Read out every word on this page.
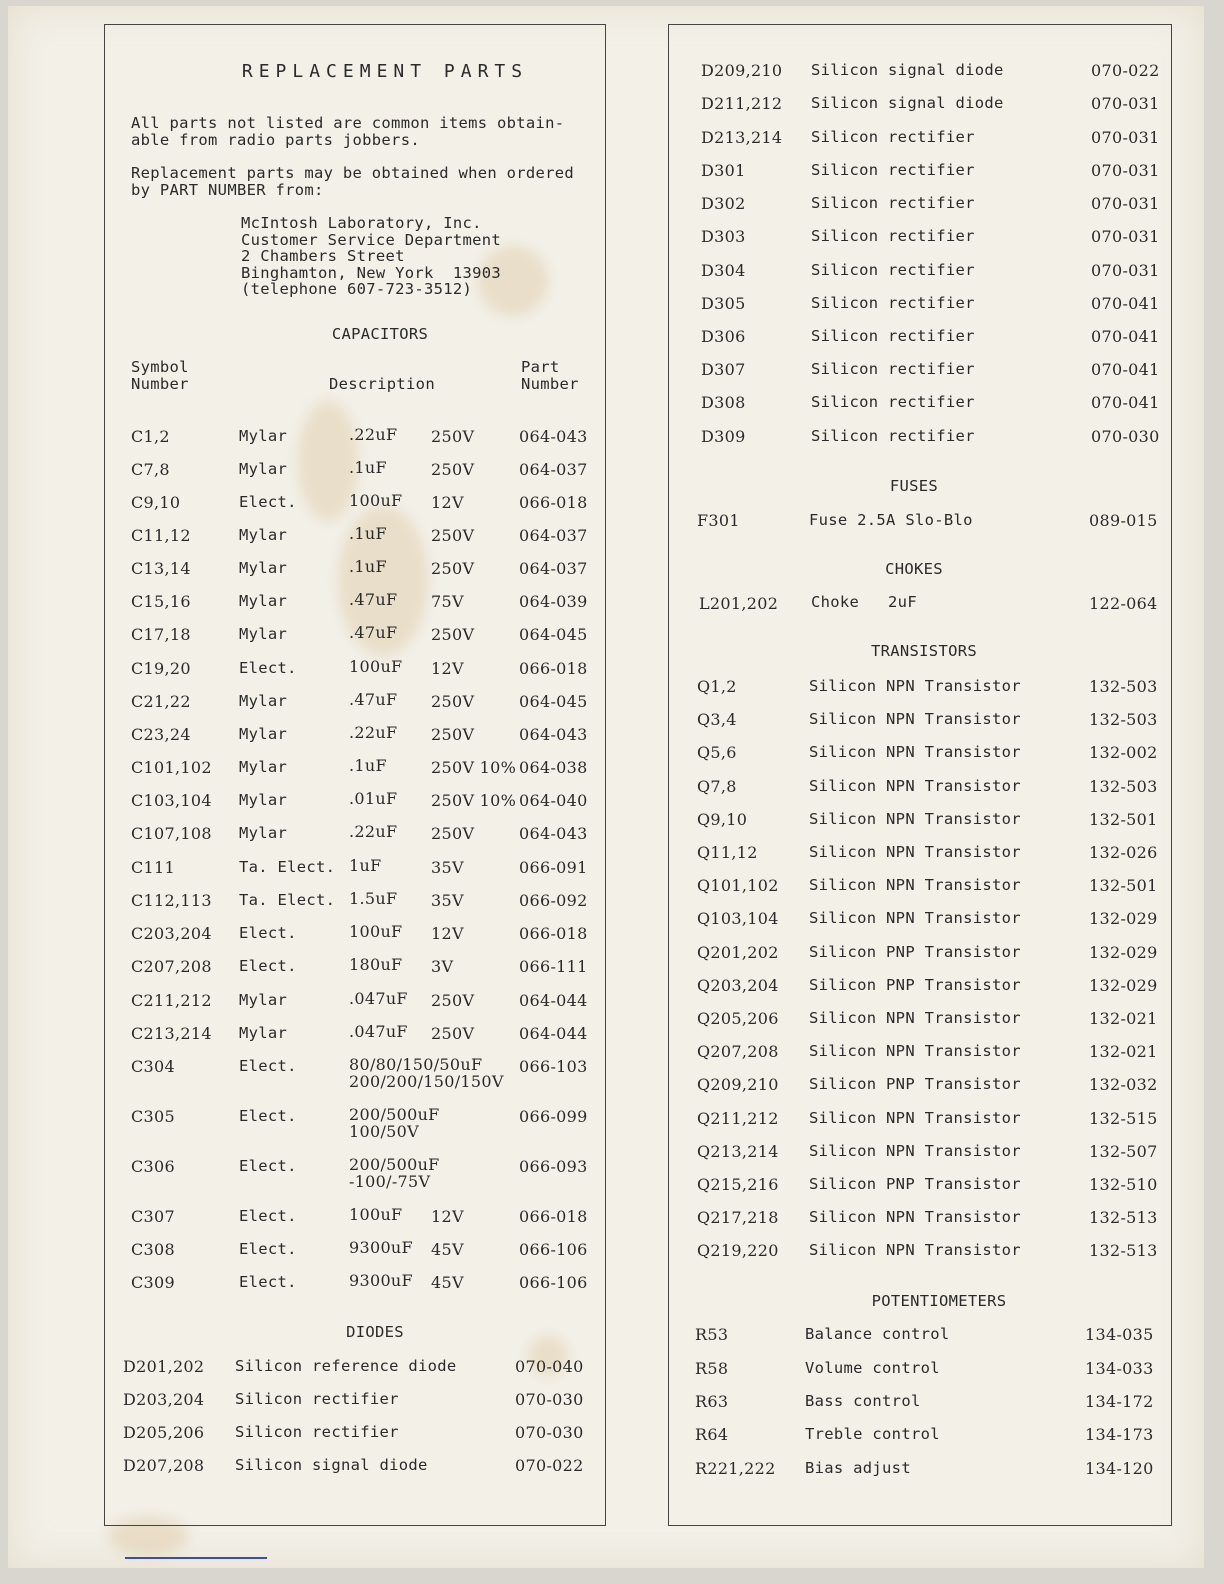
REPLACEMENT PARTS
All parts not listed are common items obtain-
able from radio parts jobbers.
Replacement parts may be obtained when ordered
by PART NUMBER from:
McIntosh Laboratory, Inc.
Customer Service Department
2 Chambers Street
Binghamton, New York  13903
(telephone 607-723-3512)
CAPACITORS
Symbol
Number	Description
Part
Number
C1,2	Mylar	.22uF 250V	064-043
C7,8	Mylar	.1uF	250V	064-037
C9,10	Elect.	100uF 12V	066-018
C11,12	Mylar	.1uF	250V	064-037
C13,14	Mylar	.1uF	250V	064-037
C15,16	Mylar	.47uF 75V	064-039
C17,18	Mylar	.47uF 250V	064-045
C19,20	Elect.	100uF 12V	066-018
C21,22	Mylar	.47uF 250V	064-045
C23,24	Mylar	.22uF 250V	064-043
C101,102 Mylar	.1uF	250V 10% 064-038
C103,104 Mylar	.01uF 250V 10% 064-040
C107,108 Mylar	.22uF 250V	064-043
C111	Ta. Elect. 1uF	35V	066-091
C112,113 Ta. Elect. 1.5uF 35V	066-092
C203,204 Elect.	100uF 12V	066-018
C207,208 Elect.	180uF 3V	066-111
C211,212 Mylar	.047uF 250V	064-044
C213,214 Mylar	.047uF 250V	064-044
C304	Elect.	80/80/150/50uF
200/200/150/150V
066-103
C305	Elect.	200/500uF
100/50V
066-099
C306	Elect.	200/500uF
-100/-75V
066-093
C307	Elect.	100uF 12V	066-018
C308	Elect.	9300uF 45V	066-106
C309	Elect.	9300uF 45V	066-106
DIODES
D201,202 Silicon reference diode	070-040
D203,204 Silicon rectifier	070-030
D205,206 Silicon rectifier	070-030
D207,208 Silicon signal diode	070-022
D209,210 Silicon signal diode	070-022
D211,212 Silicon signal diode	070-031
D213,214 Silicon rectifier	070-031
D301	Silicon rectifier	070-031
D302	Silicon rectifier	070-031
D303	Silicon rectifier	070-031
D304	Silicon rectifier	070-031
D305	Silicon rectifier	070-041
D306	Silicon rectifier	070-041
D307	Silicon rectifier	070-041
D308	Silicon rectifier	070-041
D309	Silicon rectifier	070-030
FUSES
F301	Fuse 2.5A Slo-Blo	089-015
CHOKES
L201,202 Choke   2uF	122-064
TRANSISTORS
Q1,2	Silicon NPN Transistor	132-503
Q3,4	Silicon NPN Transistor	132-503
Q5,6	Silicon NPN Transistor	132-002
Q7,8	Silicon NPN Transistor	132-503
Q9,10	Silicon NPN Transistor	132-501
Q11,12	Silicon NPN Transistor	132-026
Q101,102 Silicon NPN Transistor	132-501
Q103,104 Silicon NPN Transistor	132-029
Q201,202 Silicon PNP Transistor	132-029
Q203,204 Silicon PNP Transistor	132-029
Q205,206 Silicon NPN Transistor	132-021
Q207,208 Silicon NPN Transistor	132-021
Q209,210 Silicon PNP Transistor	132-032
Q211,212 Silicon NPN Transistor	132-515
Q213,214 Silicon NPN Transistor	132-507
Q215,216 Silicon PNP Transistor	132-510
Q217,218 Silicon NPN Transistor	132-513
Q219,220 Silicon NPN Transistor	132-513
POTENTIOMETERS
R53	Balance control	134-035
R58	Volume control	134-033
R63	Bass control	134-172
R64	Treble control	134-173
R221,222 Bias adjust	134-120
